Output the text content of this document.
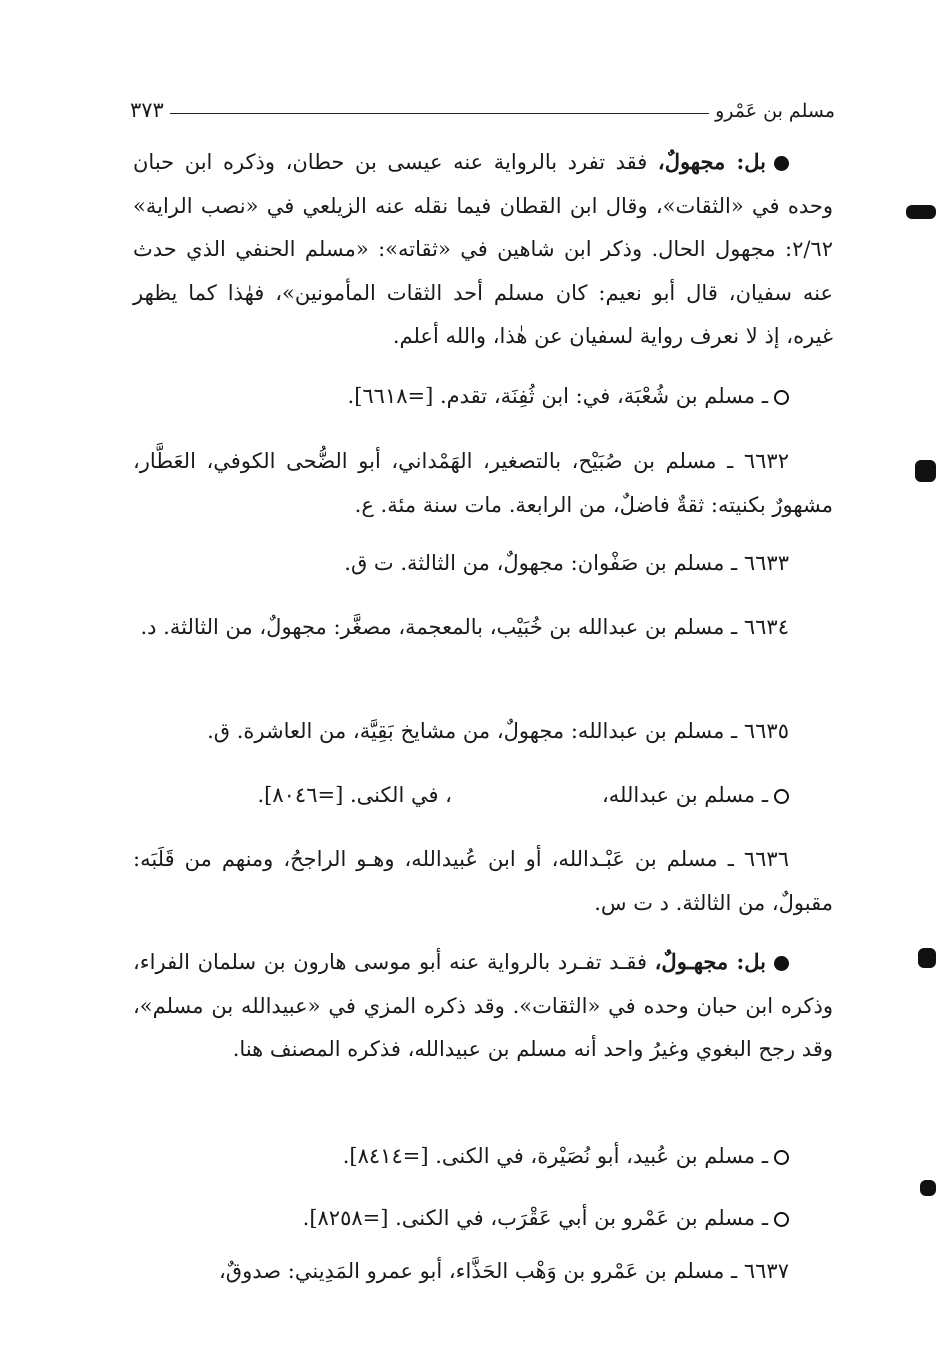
مسلم بن عَمْرو
٣٧٣
بل: مجهولٌ، فقد تفرد بالرواية عنه عيسى بن حطان، وذكره ابن حبان وحده في «الثقات»، وقال ابن القطان فيما نقله عنه الزيلعي في «نصب الراية» ٢/٦٢: مجهول الحال. وذكر ابن شاهين في «ثقاته»: «مسلم الحنفي الذي حدث عنه سفيان، قال أبو نعيم: كان مسلم أحد الثقات المأمونين»، فهٰذا كما يظهر غيره، إذ لا نعرف رواية لسفيان عن هٰذا، والله أعلم.
ـ مسلم بن شُعْبَة، في: ابن ثُفِنَة، تقدم. [=٦٦١٨].
٦٦٣٢ ـ مسلم بن صُبَيْح، بالتصغير، الهَمْداني، أبو الضُّحى الكوفي، العَطَّار، مشهورٌ بكنيته: ثقةٌ فاضلٌ، من الرابعة. مات سنة مئة. ع.
٦٦٣٣ ـ مسلم بن صَفْوان: مجهولٌ، من الثالثة. ت ق.
٦٦٣٤ ـ مسلم بن عبدالله بن خُبَيْب، بالمعجمة، مصغَّر: مجهولٌ، من الثالثة. د.
٦٦٣٥ ـ مسلم بن عبدالله: مجهولٌ، من مشايخ بَقِيَّة، من العاشرة. ق.
ـ مسلم بن عبدالله،، في الكنى. [=٨٠٤٦].
٦٦٣٦ ـ مسلم بن عَبْـدالله، أو ابن عُبيدالله، وهـو الراجحُ، ومنهم من قَلَبَه: مقبولٌ، من الثالثة. د ت س.
بل: مجهـولٌ، فقـد تفـرد بالرواية عنه أبو موسى هارون بن سلمان الفراء، وذكره ابن حبان وحده في «الثقات». وقد ذكره المزي في «عبيدالله بن مسلم»، وقد رجح البغوي وغيرُ واحد أنه مسلم بن عبيدالله، فذكره المصنف هنا.
ـ مسلم بن عُبيد، أبو نُصَيْرة، في الكنى. [=٨٤١٤].
ـ مسلم بن عَمْرو بن أبي عَقْرَب، في الكنى. [=٨٢٥٨].
٦٦٣٧ ـ مسلم بن عَمْرو بن وَهْب الحَذَّاء، أبو عمرو المَدِيني: صدوقٌ،
